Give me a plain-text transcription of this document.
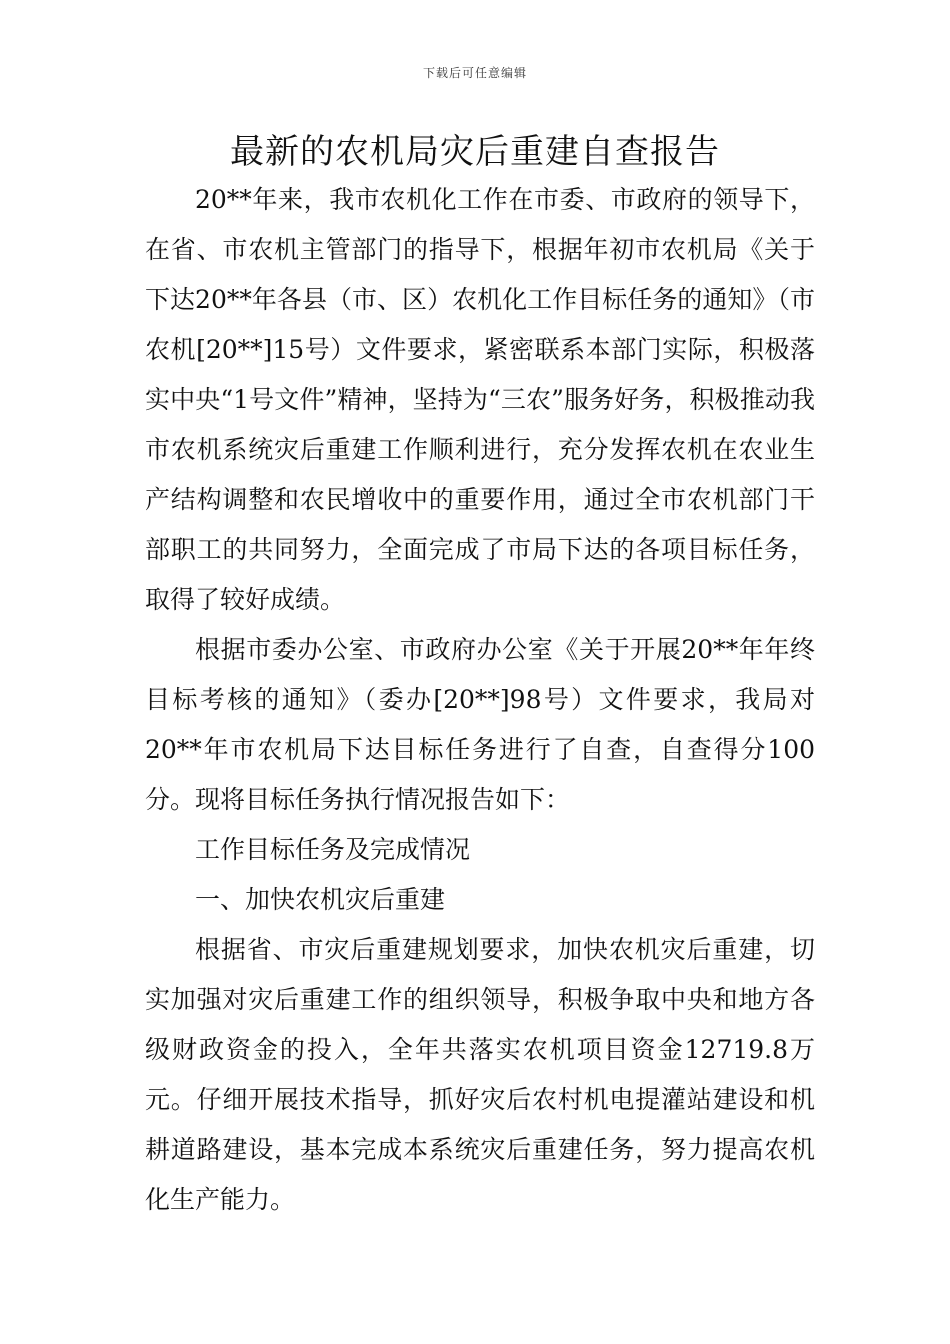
下载后可任意编辑
最新的农机局灾后重建自查报告

20**年来，我市农机化工作在市委、市政府的领导下，在省、市农机主管部门的指导下，根据年初市农机局《关于下达20**年各县（市、区）农机化工作目标任务的通知》（市农机[20**]15号）文件要求，紧密联系本部门实际，积极落实中央“1号文件”精神，坚持为“三农”服务好务，积极推动我市农机系统灾后重建工作顺利进行，充分发挥农机在农业生产结构调整和农民增收中的重要作用，通过全市农机部门干部职工的共同努力，全面完成了市局下达的各项目标任务，取得了较好成绩。

根据市委办公室、市政府办公室《关于开展20**年年终目标考核的通知》（委办[20**]98号）文件要求，我局对20**年市农机局下达目标任务进行了自查，自查得分100分。现将目标任务执行情况报告如下：

工作目标任务及完成情况

一、加快农机灾后重建

根据省、市灾后重建规划要求，加快农机灾后重建，切实加强对灾后重建工作的组织领导，积极争取中央和地方各级财政资金的投入，全年共落实农机项目资金12719.8万元。仔细开展技术指导，抓好灾后农村机电提灌站建设和机耕道路建设，基本完成本系统灾后重建任务，努力提高农机化生产能力。
